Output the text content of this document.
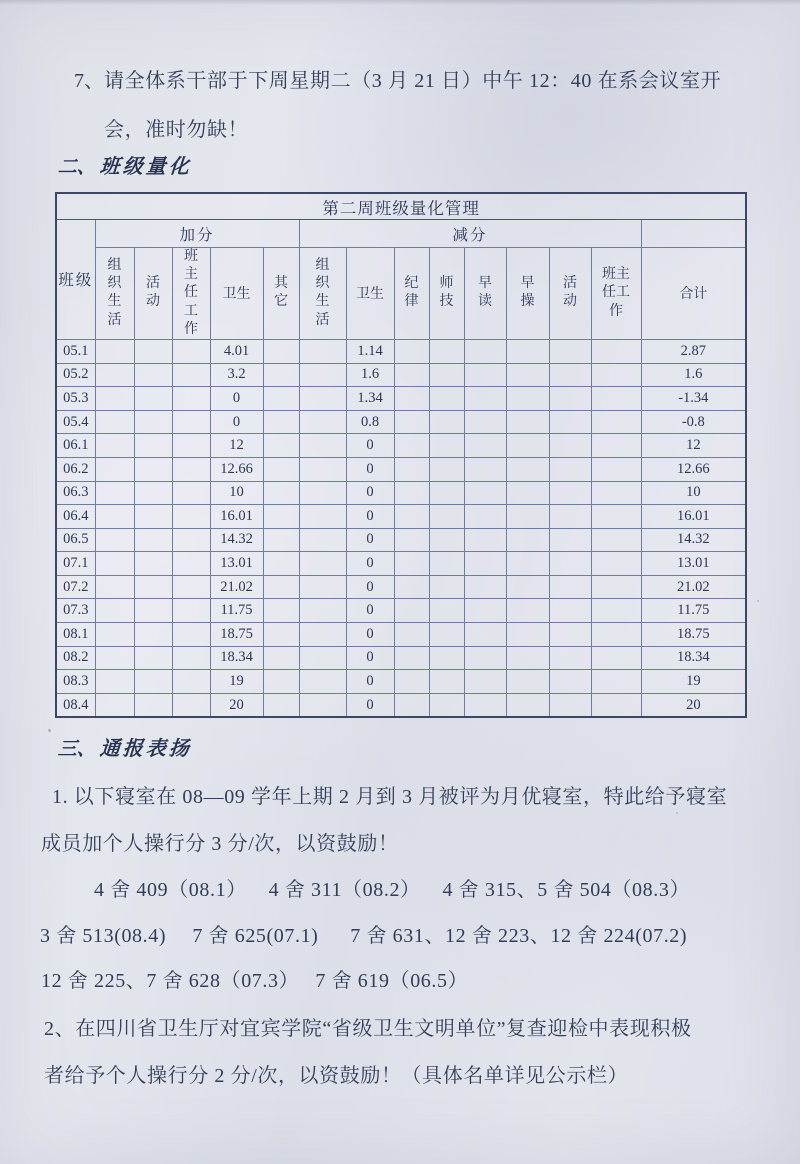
7、 请全体系干部于下周星期二（3 月 21 日）中午 12：40 在系会议室开
会，准时勿缺！
二、 班级量化
第二周班级量化管理														
班级	加分					减分								
	组织生活	活动	班主任工作	卫生	其它	组织生活	卫生	纪律	师技	早读	早操	活动	班主任工作	合计
05.1				4.01			1.14							2.87
05.2				3.2			1.6							1.6
05.3				0			1.34							-1.34
05.4				0			0.8							-0.8
06.1				12			0							12
06.2				12.66			0							12.66
06.3				10			0							10
06.4				16.01			0							16.01
06.5				14.32			0							14.32
07.1				13.01			0							13.01
07.2				21.02			0							21.02
07.3				11.75			0							11.75
08.1				18.75			0							18.75
08.2				18.34			0							18.34
08.3				19			0							19
08.4				20			0							20
三、 通报表扬
1. 以下寝室在 08—09 学年上期 2 月到 3 月被评为月优寝室，特此给予寝室
成员加个人操行分 3 分/次，以资鼓励！
4 舍 409（08.1）　  4 舍 311（08.2）　  4 舍 315、5 舍 504（08.3）
3 舍 513(08.4)　 7 舍 625(07.1)　  7 舍 631、12 舍 223、12 舍 224(07.2)
12 舍 225、7 舍 628（07.3）　 7 舍 619（06.5）
2、在四川省卫生厅对宜宾学院“省级卫生文明单位”复查迎检中表现积极
者给予个人操行分 2 分/次，以资鼓励！（具体名单详见公示栏）
